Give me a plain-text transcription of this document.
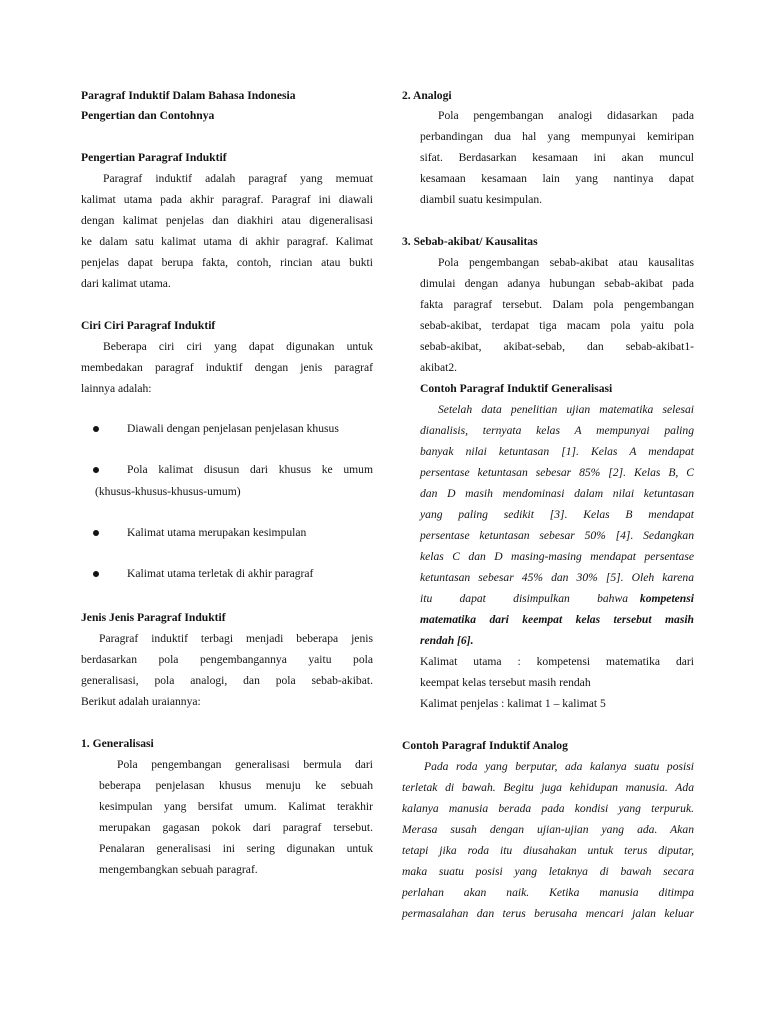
Paragraf Induktif Dalam Bahasa Indonesia
Pengertian dan Contohnya
Pengertian Paragraf Induktif
Paragraf induktif adalah paragraf yang memuat
kalimat utama pada akhir paragraf. Paragraf ini diawali
dengan kalimat penjelas dan diakhiri atau digeneralisasi
ke dalam satu kalimat utama di akhir paragraf. Kalimat
penjelas dapat berupa fakta, contoh, rincian atau bukti
dari kalimat utama.
Ciri Ciri Paragraf Induktif
Beberapa ciri ciri yang dapat digunakan untuk
membedakan paragraf induktif dengan jenis paragraf
lainnya adalah:
Diawali dengan penjelasan penjelasan khusus
Pola kalimat disusun dari khusus ke umum
(khusus-khusus-khusus-umum)
Kalimat utama merupakan kesimpulan
Kalimat utama terletak di akhir paragraf
Jenis Jenis Paragraf Induktif
Paragraf induktif terbagi menjadi beberapa jenis
berdasarkan pola pengembangannya yaitu pola
generalisasi, pola analogi, dan pola sebab-akibat.
Berikut adalah uraiannya:
1. Generalisasi
Pola pengembangan generalisasi bermula dari
beberapa penjelasan khusus menuju ke sebuah
kesimpulan yang bersifat umum. Kalimat terakhir
merupakan gagasan pokok dari paragraf tersebut.
Penalaran generalisasi ini sering digunakan untuk
mengembangkan sebuah paragraf.
2. Analogi
Pola pengembangan analogi didasarkan pada
perbandingan dua hal yang mempunyai kemiripan
sifat. Berdasarkan kesamaan ini akan muncul
kesamaan kesamaan lain yang nantinya dapat
diambil suatu kesimpulan.
3. Sebab-akibat/ Kausalitas
Pola pengembangan sebab-akibat atau kausalitas
dimulai dengan adanya hubungan sebab-akibat pada
fakta paragraf tersebut. Dalam pola pengembangan
sebab-akibat, terdapat tiga macam pola yaitu pola
sebab-akibat, akibat-sebab, dan sebab-akibat1-
akibat2.
Contoh Paragraf Induktif Generalisasi
Setelah data penelitian ujian matematika selesai
dianalisis, ternyata kelas A mempunyai paling
banyak nilai ketuntasan [1]. Kelas A mendapat
persentase ketuntasan sebesar 85% [2]. Kelas B, C
dan D masih mendominasi dalam nilai ketuntasan
yang paling sedikit [3]. Kelas B mendapat
persentase ketuntasan sebesar 50% [4]. Sedangkan
kelas C dan D masing-masing mendapat persentase
ketuntasan sebesar 45% dan 30% [5]. Oleh karena
itu dapat disimpulkan bahwa	kompetensi
matematika dari keempat kelas tersebut masih
rendah [6].
Kalimat utama : kompetensi matematika dari
keempat kelas tersebut masih rendah
Kalimat penjelas : kalimat 1 – kalimat 5
Contoh Paragraf Induktif Analog
Pada roda yang berputar, ada kalanya suatu posisi
terletak di bawah. Begitu juga kehidupan manusia. Ada
kalanya manusia berada pada kondisi yang terpuruk.
Merasa susah dengan ujian-ujian yang ada. Akan
tetapi jika roda itu diusahakan untuk terus diputar,
maka suatu posisi yang letaknya di bawah secara
perlahan akan naik. Ketika manusia ditimpa
permasalahan dan terus berusaha mencari jalan keluar
